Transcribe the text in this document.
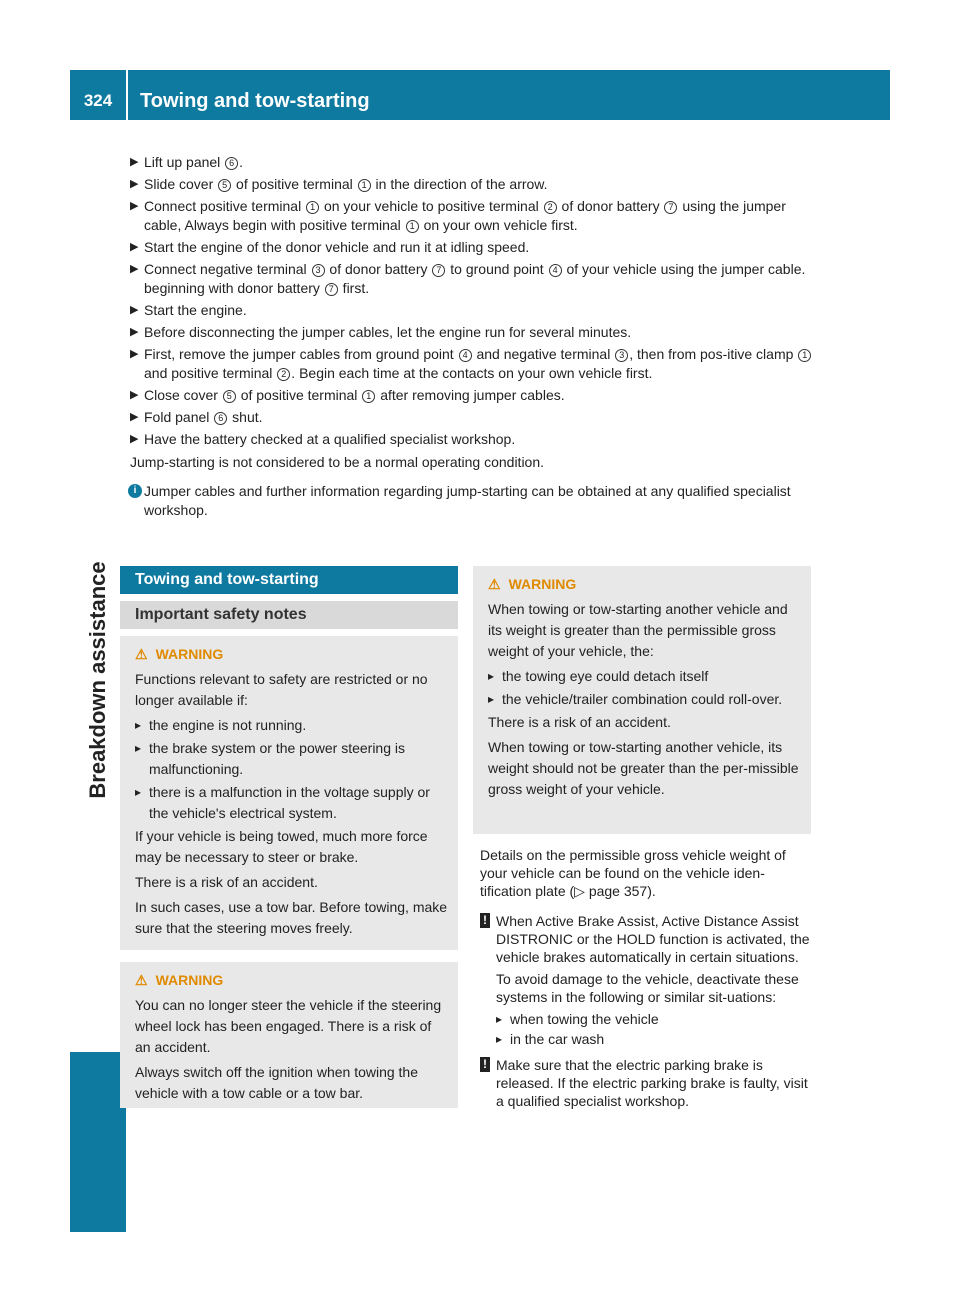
324	Towing and tow-starting
Breakdown assistance
▶ Lift up panel 6 .
▶ Slide cover 5 of positive terminal 1 in the direction of the arrow.
▶ Connect positive terminal 1 on your vehicle to positive terminal 2 of donor battery 7 using the jumper cable, Always begin with positive terminal 1 on your own vehicle first.
▶ Start the engine of the donor vehicle and run it at idling speed.
▶ Connect negative terminal 3 of donor battery 7 to ground point 4 of your vehicle using the jumper cable. beginning with donor battery 7 first.
▶ Start the engine.
▶ Before disconnecting the jumper cables, let the engine run for several minutes.
▶ First, remove the jumper cables from ground point 4 and negative terminal 3 , then from pos-itive clamp 1 and positive terminal 2 . Begin each time at the contacts on your own vehicle first.
▶ Close cover 5 of positive terminal 1 after removing jumper cables.
▶ Fold panel 6 shut.
▶ Have the battery checked at a qualified specialist workshop.
Jump-starting is not considered to be a normal operating condition.
i Jumper cables and further information regarding jump-starting can be obtained at any qualified specialist workshop.
Towing and tow-starting
Important safety notes
⚠ WARNING

Functions relevant to safety are restricted or no longer available if:

▸ the engine is not running.
▸ the brake system or the power steering is malfunctioning.
▸ there is a malfunction in the voltage supply or the vehicle's electrical system.

If your vehicle is being towed, much more force may be necessary to steer or brake.

There is a risk of an accident.

In such cases, use a tow bar. Before towing, make sure that the steering moves freely.

⚠ WARNING

You can no longer steer the vehicle if the steering wheel lock has been engaged. There is a risk of an accident.

Always switch off the ignition when towing the vehicle with a tow cable or a tow bar.

⚠ WARNING

When towing or tow-starting another vehicle and its weight is greater than the permissible gross weight of your vehicle, the:

▸ the towing eye could detach itself
▸ the vehicle/trailer combination could roll-over.

There is a risk of an accident.

When towing or tow-starting another vehicle, its weight should not be greater than the per-missible gross weight of your vehicle.

Details on the permissible gross vehicle weight of your vehicle can be found on the vehicle iden-tification plate (▷ page 357).
! When Active Brake Assist, Active Distance Assist DISTRONIC or the HOLD function is activated, the vehicle brakes automatically in certain situations.

To avoid damage to the vehicle, deactivate these systems in the following or similar sit-uations:

▸ when towing the vehicle
▸ in the car wash
! Make sure that the electric parking brake is released. If the electric parking brake is faulty, visit a qualified specialist workshop.
